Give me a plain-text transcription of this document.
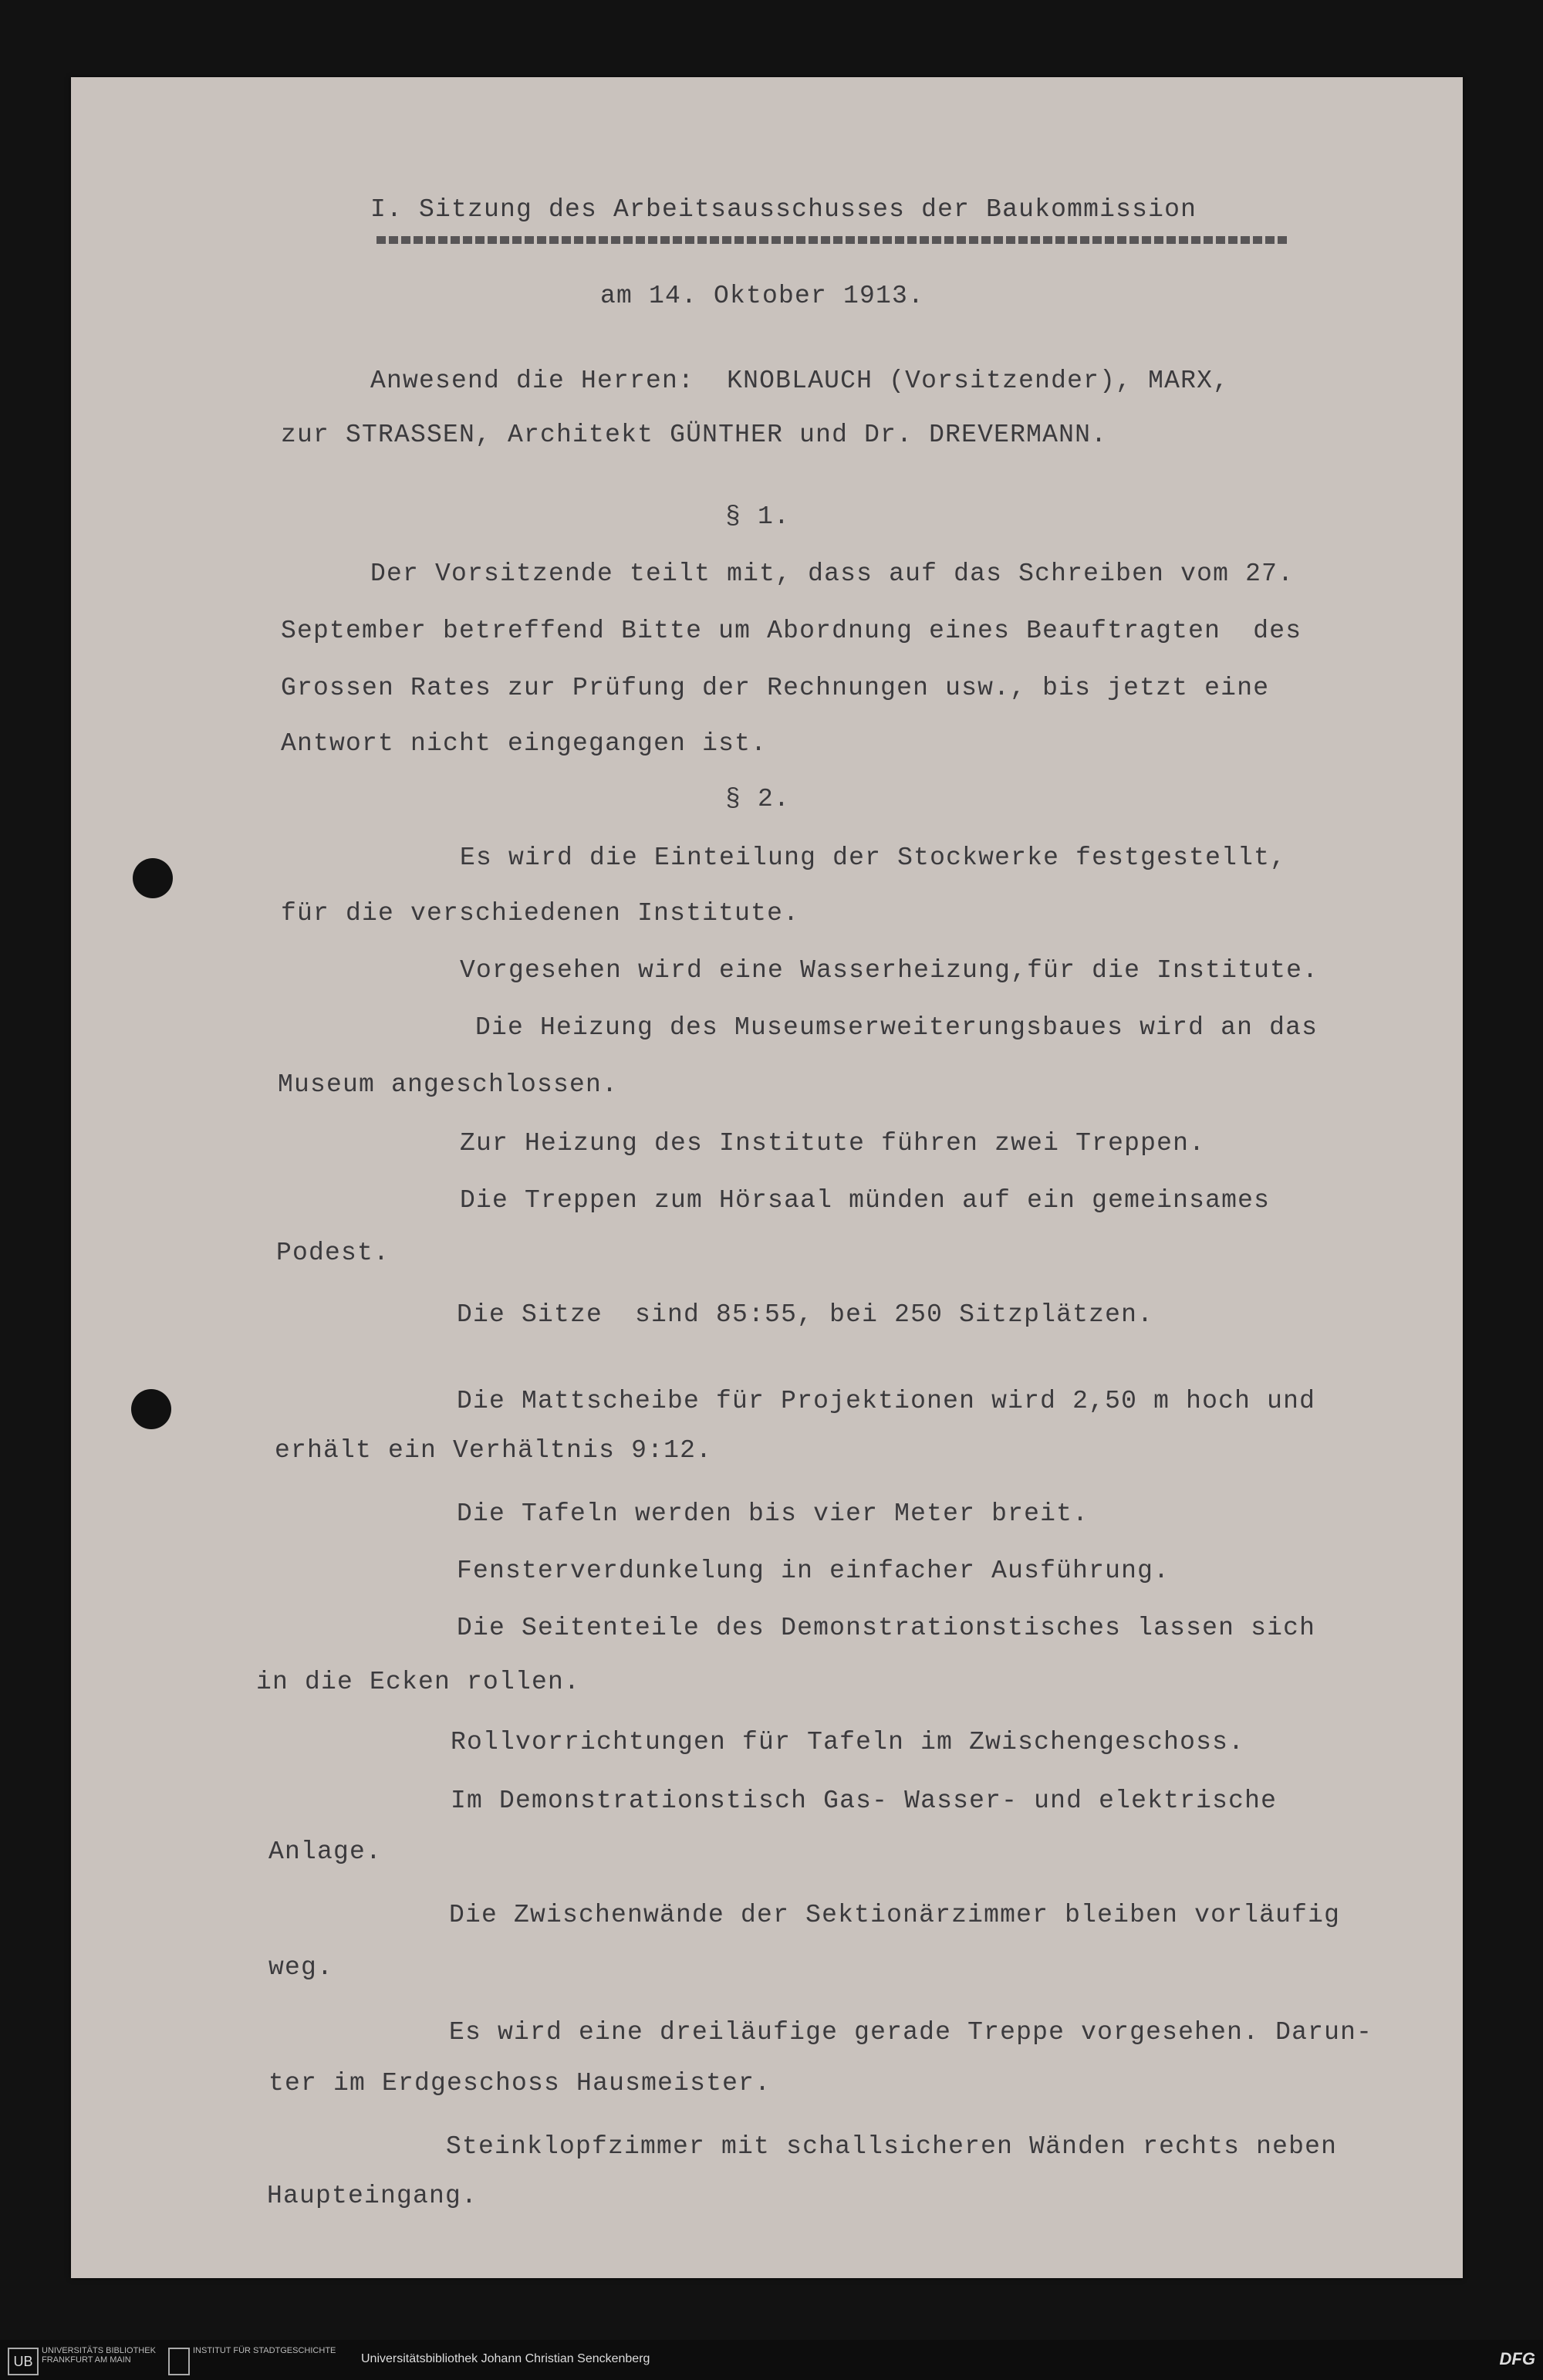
I. Sitzung des Arbeitsausschusses der Baukommission
am 14. Oktober 1913.
Anwesend die Herren:  KNOBLAUCH (Vorsitzender), MARX,
zur STRASSEN, Architekt GÜNTHER und Dr. DREVERMANN.
§ 1.
Der Vorsitzende teilt mit, dass auf das Schreiben vom 27.
September betreffend Bitte um Abordnung eines Beauftragten  des
Grossen Rates zur Prüfung der Rechnungen usw., bis jetzt eine
Antwort nicht eingegangen ist.
§ 2.
Es wird die Einteilung der Stockwerke festgestellt,
für die verschiedenen Institute.
Vorgesehen wird eine Wasserheizung,für die Institute.
Die Heizung des Museumserweiterungsbaues wird an das
Museum angeschlossen.
Zur Heizung des Institute führen zwei Treppen.
Die Treppen zum Hörsaal münden auf ein gemeinsames
Podest.
Die Sitze  sind 85:55, bei 250 Sitzplätzen.
Die Mattscheibe für Projektionen wird 2,50 m hoch und
erhält ein Verhältnis 9:12.
Die Tafeln werden bis vier Meter breit.
Fensterverdunkelung in einfacher Ausführung.
Die Seitenteile des Demonstrationstisches lassen sich
in die Ecken rollen.
Rollvorrichtungen für Tafeln im Zwischengeschoss.
Im Demonstrationstisch Gas- Wasser- und elektrische
Anlage.
Die Zwischenwände der Sektionärzimmer bleiben vorläufig
weg.
Es wird eine dreiläufige gerade Treppe vorgesehen. Darun-
ter im Erdgeschoss Hausmeister.
Steinklopfzimmer mit schallsicheren Wänden rechts neben
Haupteingang.
UB
UNIVERSITÄTS BIBLIOTHEK FRANKFURT AM MAIN
INSTITUT FÜR STADTGESCHICHTE
Universitätsbibliothek Johann Christian Senckenberg	DFG
